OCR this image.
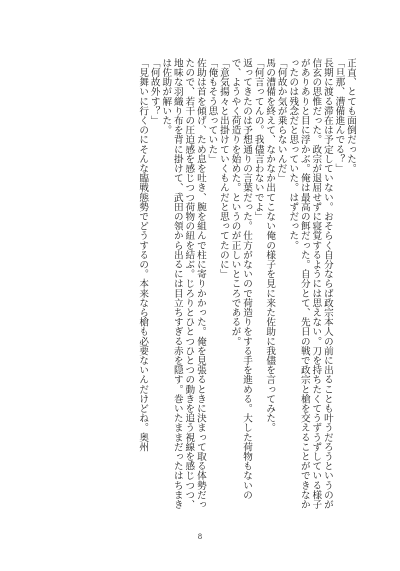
正直、とても面倒だった。
「旦那、漕備進んでる？」
長期に渡る滞在は予定していない。おそらく自分ならば政宗本人の前に出ることも叶うだろうというのが信玄の思惟だった。政宗が退屈せずに寝覚するようには思えない。刀を持ちたくてうずうずしている様子がありありと目に浮かぶ。俺は最高の餌だった。自分とて、先日の戦で政宗と槍を交えることができなかったのは残念だと思っていた。はずだった。
「何故か気が乗らないんだ」
馬の漕備を終えて、なかなか出てこない俺の様子を見に来た佐助に我儘を言ってみた。
「何言ってんの。我儘言わないでよ」
返ってきたのは予想通りの言葉だった。仕方がないので荷造りをする手を進める。大した荷物もないので、ようやく荷造りを始めた。というのが正しいところであるが。
「意気揚々と出掛けていくもんだと思ってたのに」
「俺もそう思っていた」
佐助は首を傾げ、ため息を吐き、腕を組んで柱に寄りかかった。俺を見張るときに決まって取る体勢だったので、若干の圧迫感を感じつつ荷物の紐を結ぶ。じろりとひとつひとつの動きを追う視線を感じつつ、地味な羽織り布を背に掛けて、武田の領から出るには目立ちすぎる赤を隠す。巻いたままだったはちまきは佐助が解いた。
「何故外す？」
「見舞いに行くのにそんな臨戦態勢でどうするの。本来なら槍も必要ないんだけどね。奥州
8
